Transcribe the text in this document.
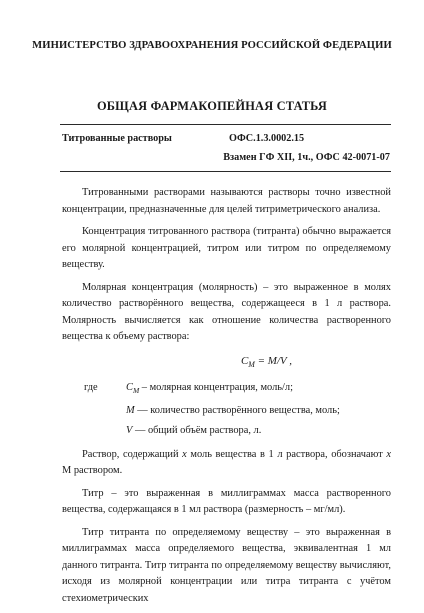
МИНИСТЕРСТВО ЗДРАВООХРАНЕНИЯ РОССИЙСКОЙ ФЕДЕРАЦИИ
ОБЩАЯ ФАРМАКОПЕЙНАЯ СТАТЬЯ
Титрованные растворы	ОФС.1.3.0002.15
Взамен ГФ XII, 1ч., ОФС 42-0071-07

Титрованными растворами называются растворы точно известной концентрации, предназначенные для целей титриметрического анализа.

Концентрация титрованного раствора (титранта) обычно выражается его молярной концентрацией, титром или титром по определяемому веществу.

Молярная концентрация (молярность) – это выраженное в молях количество растворённого вещества, содержащееся в 1 л раствора. Молярность вычисляется как отношение количества растворенного вещества к объему раствора:

$C_M = M/V$ ,
где	$C_M$ – молярная концентрация, моль/л;
M — количество растворённого вещества, моль;
V — общий объём раствора, л.

Раствор, содержащий x моль вещества в 1 л раствора, обозначают x М раствором.

Титр – это выраженная в миллиграммах масса растворенного вещества, содержащаяся в 1 мл раствора (размерность – мг/мл).

Титр титранта по определяемому веществу – это выраженная в миллиграммах масса определяемого вещества, эквивалентная 1 мл данного титранта. Титр титранта по определяемому веществу вычисляют, исходя из молярной концентрации или титра титранта с учётом стехиометрических
